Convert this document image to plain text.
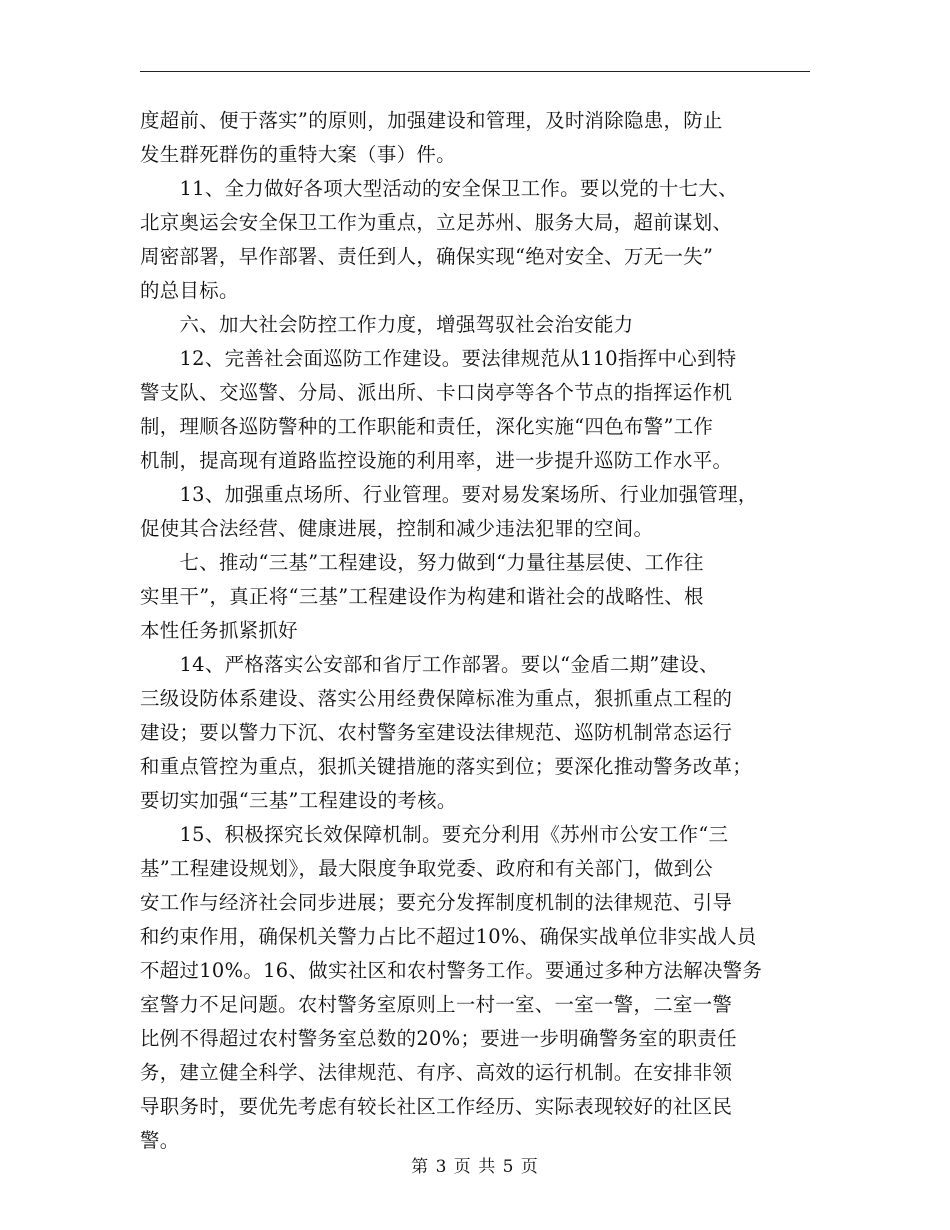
度超前、便于落实”的原则，加强建设和管理，及时消除隐患，防止
发生群死群伤的重特大案（事）件。
　　11、全力做好各项大型活动的安全保卫工作。要以党的十七大、
北京奥运会安全保卫工作为重点，立足苏州、服务大局，超前谋划、
周密部署，早作部署、责任到人，确保实现“绝对安全、万无一失”
的总目标。
　　六、加大社会防控工作力度，增强驾驭社会治安能力
　　12、完善社会面巡防工作建设。要法律规范从110指挥中心到特
警支队、交巡警、分局、派出所、卡口岗亭等各个节点的指挥运作机
制，理顺各巡防警种的工作职能和责任，深化实施“四色布警”工作
机制，提高现有道路监控设施的利用率，进一步提升巡防工作水平。
　　13、加强重点场所、行业管理。要对易发案场所、行业加强管理，
促使其合法经营、健康进展，控制和减少违法犯罪的空间。
　　七、推动“三基”工程建设，努力做到“力量往基层使、工作往
实里干”，真正将“三基”工程建设作为构建和谐社会的战略性、根
本性任务抓紧抓好
　　14、严格落实公安部和省厅工作部署。要以“金盾二期”建设、
三级设防体系建设、落实公用经费保障标准为重点，狠抓重点工程的
建设；要以警力下沉、农村警务室建设法律规范、巡防机制常态运行
和重点管控为重点，狠抓关键措施的落实到位；要深化推动警务改革；
要切实加强“三基”工程建设的考核。
　　15、积极探究长效保障机制。要充分利用《苏州市公安工作“三
基”工程建设规划》，最大限度争取党委、政府和有关部门，做到公
安工作与经济社会同步进展；要充分发挥制度机制的法律规范、引导
和约束作用，确保机关警力占比不超过10%、确保实战单位非实战人员
不超过10%。16、做实社区和农村警务工作。要通过多种方法解决警务
室警力不足问题。农村警务室原则上一村一室、一室一警，二室一警
比例不得超过农村警务室总数的20%；要进一步明确警务室的职责任
务，建立健全科学、法律规范、有序、高效的运行机制。在安排非领
导职务时，要优先考虑有较长社区工作经历、实际表现较好的社区民
警。
第 3 页 共 5 页
